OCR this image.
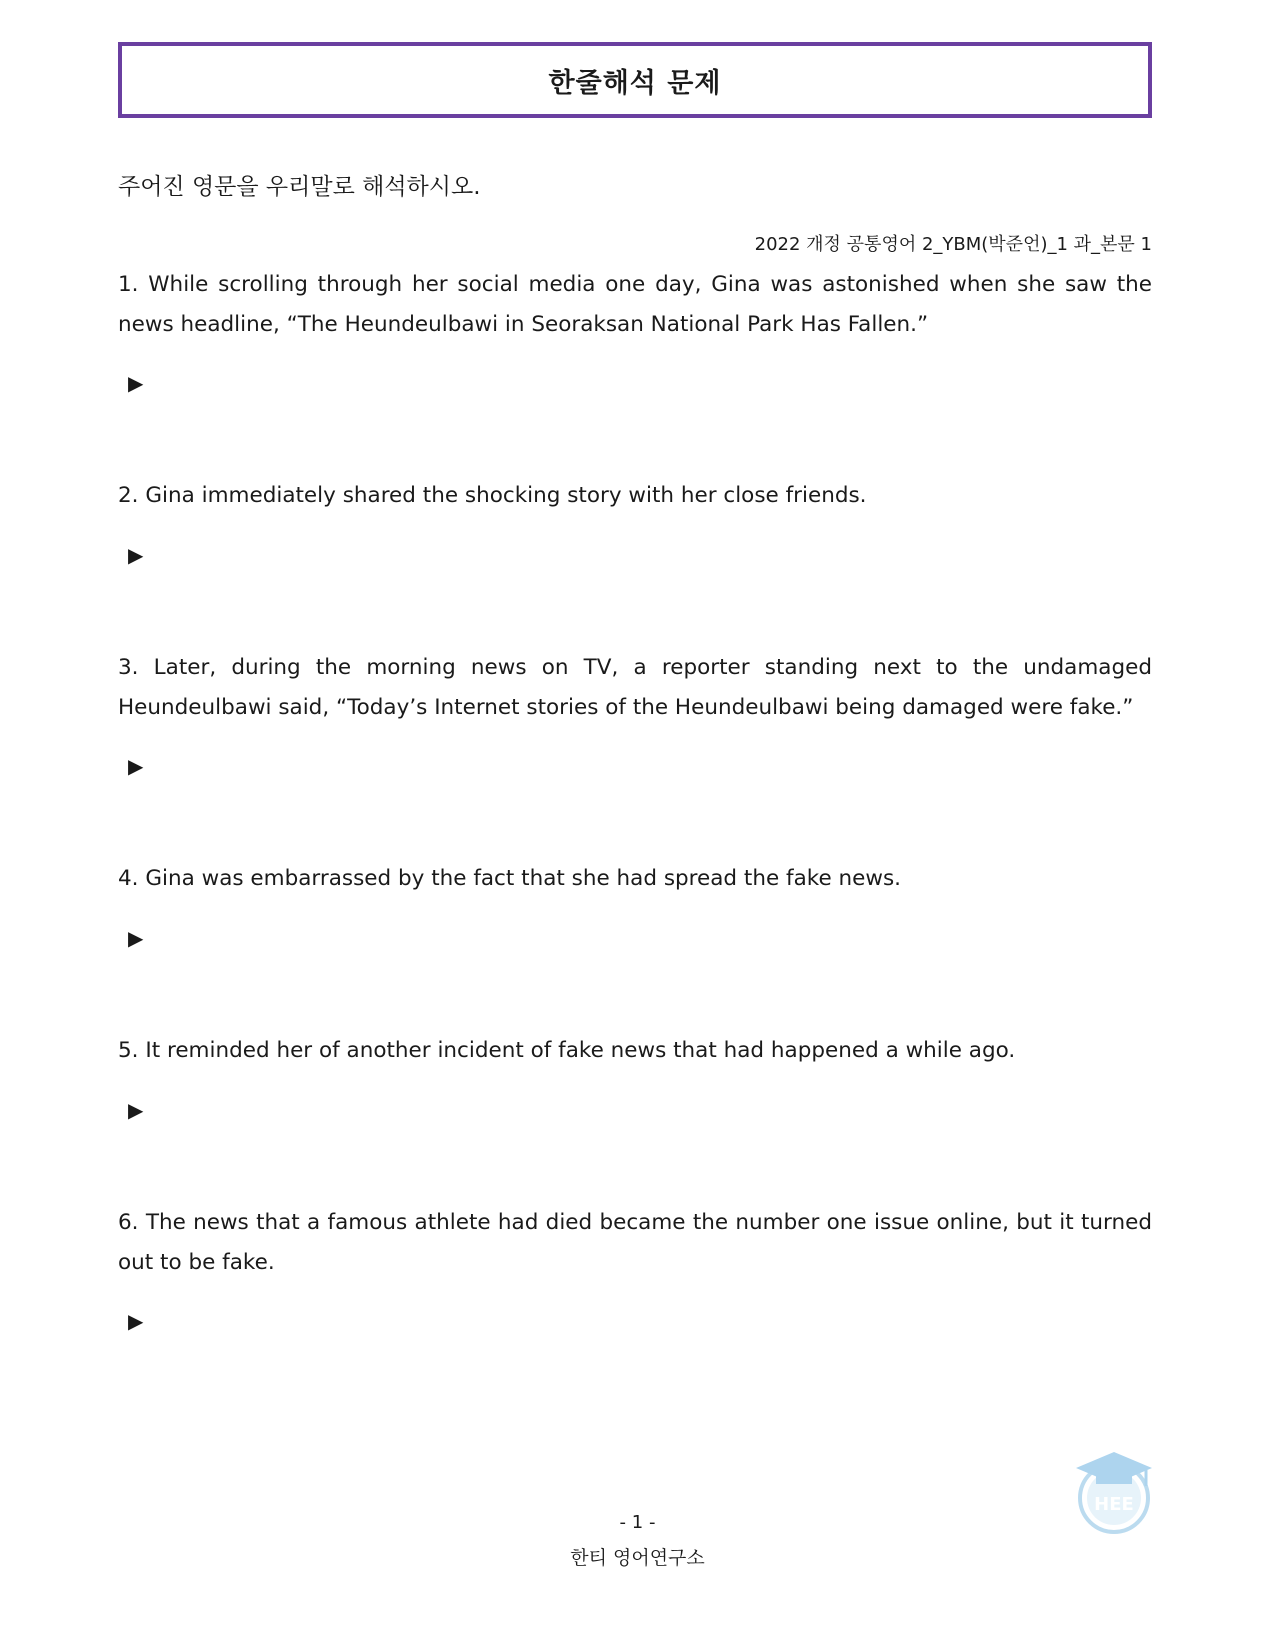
한줄해석 문제
주어진 영문을 우리말로 해석하시오.
2022 개정 공통영어 2_YBM(박준언)_1 과_본문 1
1. While scrolling through her social media one day, Gina was astonished when she saw the news headline, “The Heundeulbawi in Seoraksan National Park Has Fallen.”
▶
2. Gina immediately shared the shocking story with her close friends.
▶
3. Later, during the morning news on TV, a reporter standing next to the undamaged Heundeulbawi said, “Today’s Internet stories of the Heundeulbawi being damaged were fake.”
▶
4. Gina was embarrassed by the fact that she had spread the fake news.
▶
5. It reminded her of another incident of fake news that had happened a while ago.
▶
6. The news that a famous athlete had died became the number one issue online, but it turned out to be fake.
▶
HEE
- 1 -
한티 영어연구소
